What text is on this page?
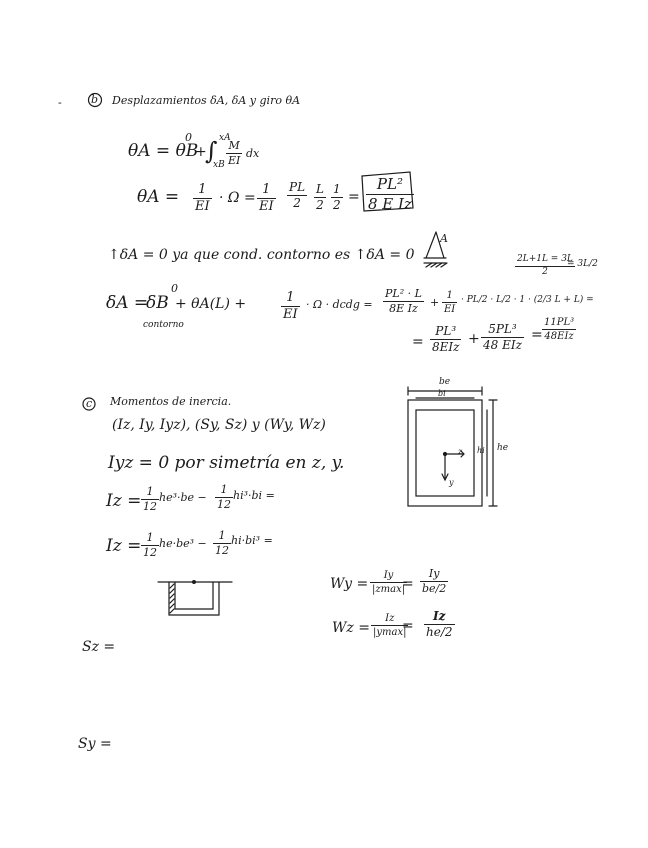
-	b Desplazamientos δA, δA y giro θA
θA = θB
0
+
∫ xA
xB $\frac{M}{EI}$ dx
$\theta A = \frac{1}{EI} \cdot \Omega = \frac{1}{EI} \frac{PL}{2} \frac{L}{2} \frac{1}{2} = \frac{\text{PL²}}{\text{8 E Iz}}$
↑δA = 0 ya que cond. contorno es ↑δA = 0
A
$\frac{2L+1L = 3L}{2}$
= 3L/2
δA =
δB
0
contorno
+ θA(L) +	$\frac{1}{EI} \cdot \Omega$ · dcdg = $\frac{\text{PL² · L}}{\text{8E Iz}} + \frac{1}{EI} \cdot PL/2 \cdot L/2 \cdot 1 \cdot (2/3$ L + L) =
=
PL³
8EIz
+
5PL³
48 EIz
=
11PL³
48EIz
c Momentos de inercia.
(Iz, Iy, Iyz), (Sy, Sz) y (Wy, Wz)
Iyz = 0 por simetría en z, y.
$Iz = \frac{1}{12} he^3\cdot be - \frac{1}{12} hi^3\cdot bi$ =
$Iz = \frac{1}{12} he\cdot be^3 - \frac{1}{12} hi\cdot bi^3$ =
Wy =
Iy
|zmax|
= $\frac{Iy}{be/2}$
Wz =
Iz
|ymax|
= $\frac{Iz}{he/2}$
Sz =
Sy =
be
bi
he
hi
z
y
